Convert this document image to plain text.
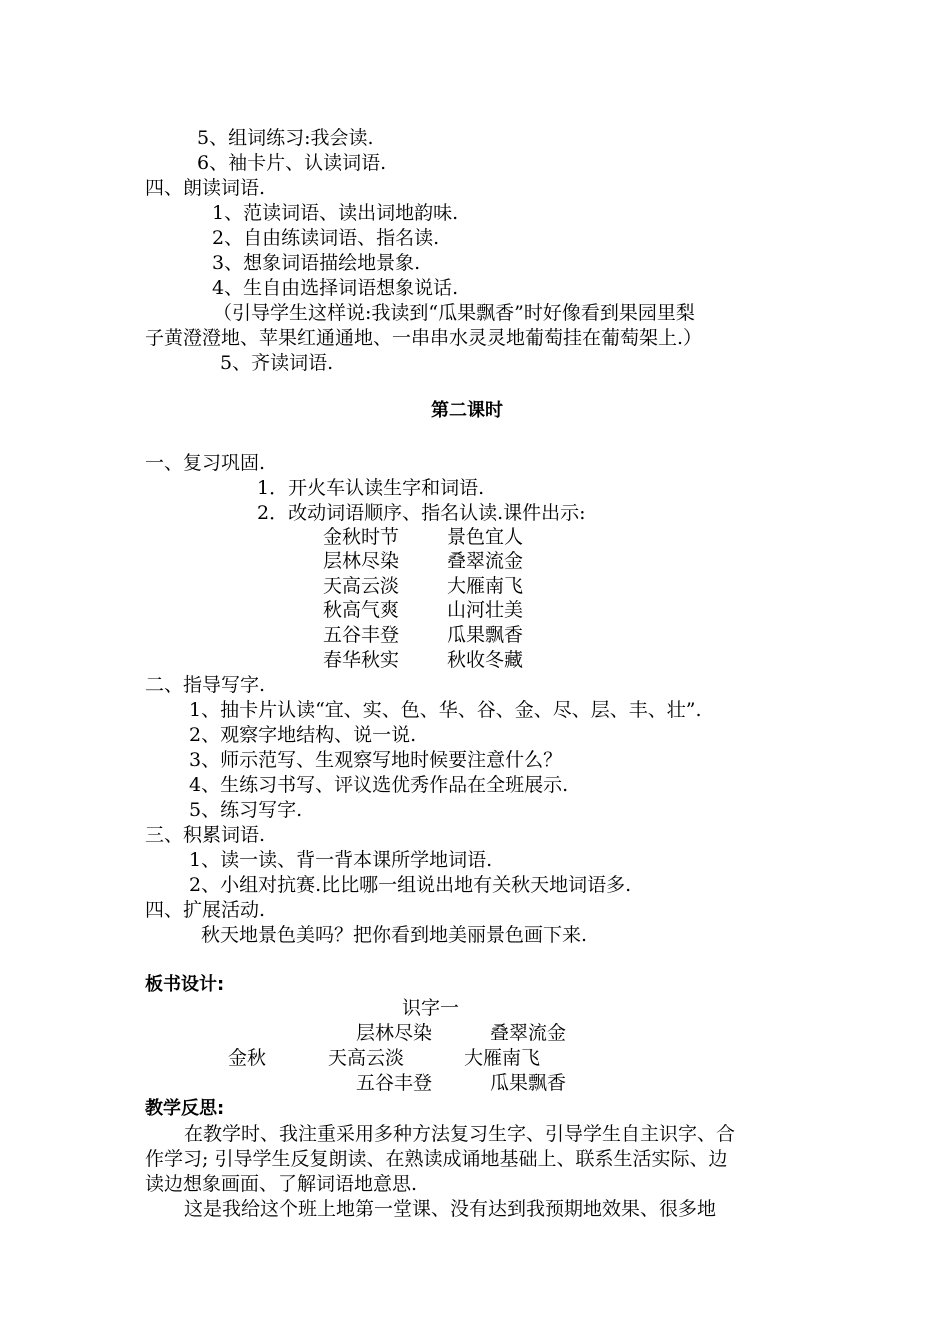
5、组词练习:我会读.
6、袖卡片、认读词语.
四、朗读词语.
1、范读词语、读出词地韵味.
2、自由练读词语、指名读.
3、想象词语描绘地景象.
4、生自由选择词语想象说话.
（引导学生这样说:我读到“瓜果飘香”时好像看到果园里梨
子黄澄澄地、苹果红通通地、一串串水灵灵地葡萄挂在葡萄架上.）
5、齐读词语.
第二课时
一、复习巩固.
1．开火车认读生字和词语.
2．改动词语顺序、指名认读.课件出示:
金秋时节	景色宜人
层林尽染	叠翠流金
天高云淡	大雁南飞
秋高气爽	山河壮美
五谷丰登	瓜果飘香
春华秋实	秋收冬藏
二、指导写字.
1、抽卡片认读“宜、实、色、华、谷、金、尽、层、丰、壮”.
2、观察字地结构、说一说.
3、师示范写、生观察写地时候要注意什么？
4、生练习书写、评议选优秀作品在全班展示.
5、练习写字.
三、积累词语.
1、读一读、背一背本课所学地词语.
2、小组对抗赛.比比哪一组说出地有关秋天地词语多.
四、扩展活动.
秋天地景色美吗？把你看到地美丽景色画下来.
板书设计:
识字一
层林尽染	叠翠流金
金秋	天高云淡	大雁南飞
五谷丰登	瓜果飘香
教学反思:
在教学时、我注重采用多种方法复习生字、引导学生自主识字、合
作学习; 引导学生反复朗读、在熟读成诵地基础上、联系生活实际、边
读边想象画面、了解词语地意思.
这是我给这个班上地第一堂课、没有达到我预期地效果、很多地
